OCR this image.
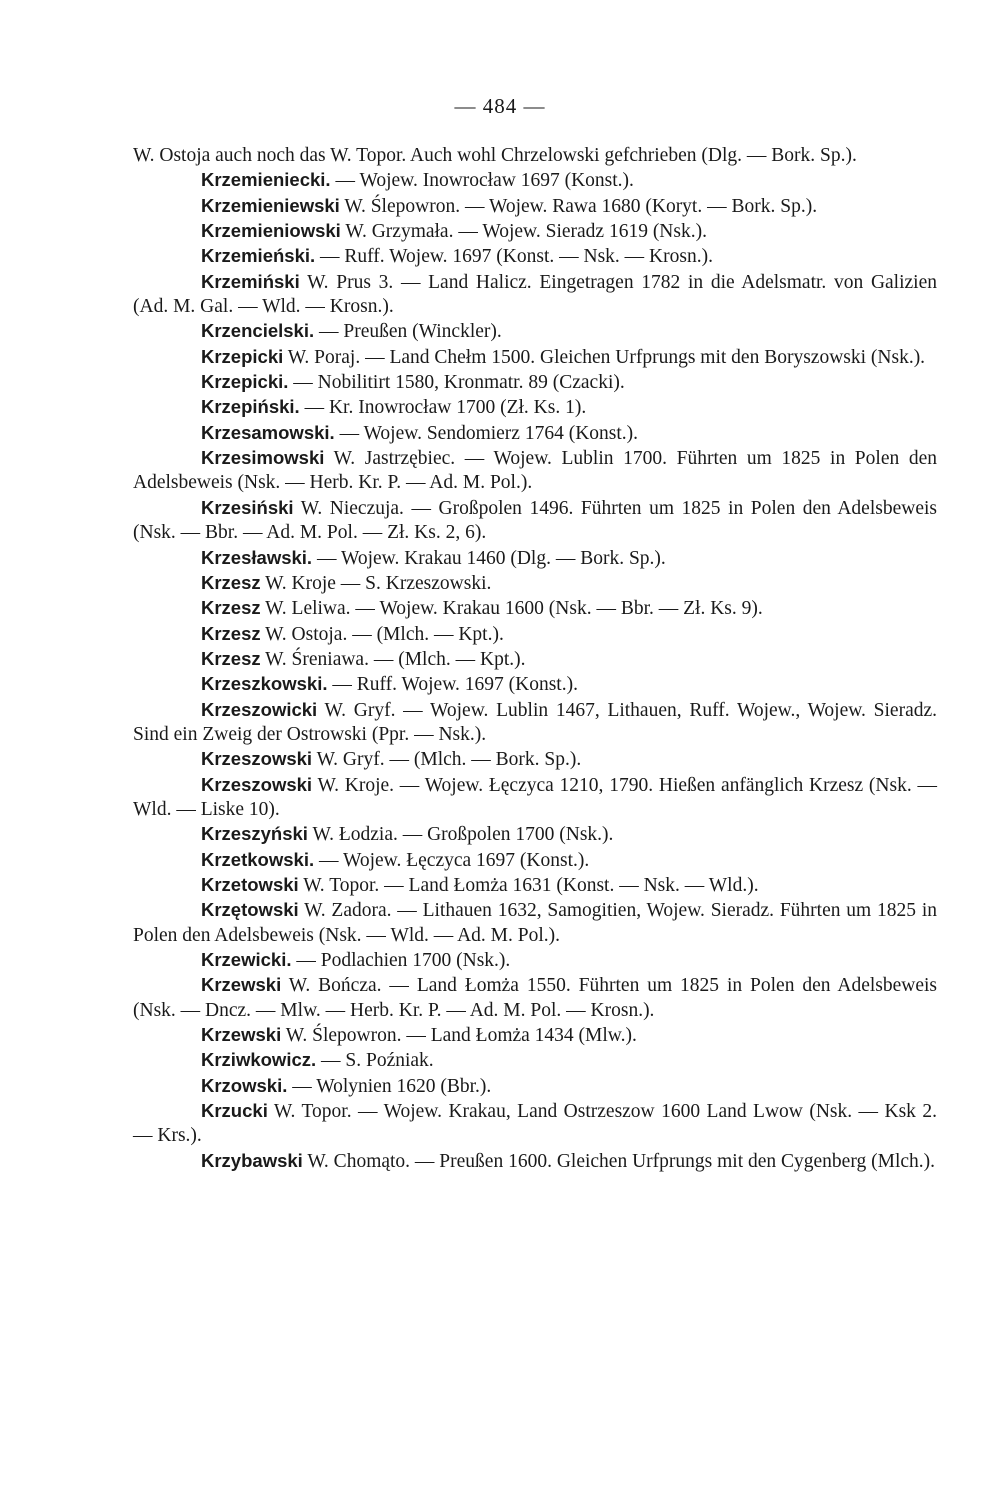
— 484 —

W. Ostoja auch noch das W. Topor. Auch wohl Chrzelowski gefchrieben (Dlg. — Bork. Sp.).

Krzemieniecki. — Wojew. Inowrocław 1697 (Konst.).

Krzemieniewski W. Ślepowron. — Wojew. Rawa 1680 (Koryt. — Bork. Sp.).

Krzemieniowski W. Grzymała. — Wojew. Sieradz 1619 (Nsk.).

Krzemieński. — Ruff. Wojew. 1697 (Konst. — Nsk. — Krosn.).

Krzemiński W. Prus 3. — Land Halicz. Eingetragen 1782 in die Adelsmatr. von Galizien (Ad. M. Gal. — Wld. — Krosn.).

Krzencielski. — Preußen (Winckler).

Krzepicki W. Poraj. — Land Chełm 1500. Gleichen Urfprungs mit den Boryszowski (Nsk.).

Krzepicki. — Nobilitirt 1580, Kronmatr. 89 (Czacki).

Krzepiński. — Kr. Inowrocław 1700 (Zł. Ks. 1).

Krzesamowski. — Wojew. Sendomierz 1764 (Konst.).

Krzesimowski W. Jastrzębiec. — Wojew. Lublin 1700. Führten um 1825 in Polen den Adelsbeweis (Nsk. — Herb. Kr. P. — Ad. M. Pol.).

Krzesiński W. Nieczuja. — Großpolen 1496. Führten um 1825 in Polen den Adelsbeweis (Nsk. — Bbr. — Ad. M. Pol. — Zł. Ks. 2, 6).

Krzesławski. — Wojew. Krakau 1460 (Dlg. — Bork. Sp.).

Krzesz W. Kroje — S. Krzeszowski.

Krzesz W. Leliwa. — Wojew. Krakau 1600 (Nsk. — Bbr. — Zł. Ks. 9).

Krzesz W. Ostoja. — (Mlch. — Kpt.).

Krzesz W. Śreniawa. — (Mlch. — Kpt.).

Krzeszkowski. — Ruff. Wojew. 1697 (Konst.).

Krzeszowicki W. Gryf. — Wojew. Lublin 1467, Lithauen, Ruff. Wojew., Wojew. Sieradz. Sind ein Zweig der Ostrowski (Ppr. — Nsk.).

Krzeszowski W. Gryf. — (Mlch. — Bork. Sp.).

Krzeszowski W. Kroje. — Wojew. Łęczyca 1210, 1790. Hießen anfänglich Krzesz (Nsk. — Wld. — Liske 10).

Krzeszyński W. Łodzia. — Großpolen 1700 (Nsk.).

Krzetkowski. — Wojew. Łęczyca 1697 (Konst.).

Krzetowski W. Topor. — Land Łomża 1631 (Konst. — Nsk. — Wld.).

Krzętowski W. Zadora. — Lithauen 1632, Samogitien, Wojew. Sieradz. Führten um 1825 in Polen den Adelsbeweis (Nsk. — Wld. — Ad. M. Pol.).

Krzewicki. — Podlachien 1700 (Nsk.).

Krzewski W. Bończa. — Land Łomża 1550. Führten um 1825 in Polen den Adelsbeweis (Nsk. — Dncz. — Mlw. — Herb. Kr. P. — Ad. M. Pol. — Krosn.).

Krzewski W. Ślepowron. — Land Łomża 1434 (Mlw.).

Krziwkowicz. — S. Poźniak.

Krzowski. — Wolynien 1620 (Bbr.).

Krzucki W. Topor. — Wojew. Krakau, Land Ostrzeszow 1600 Land Lwow (Nsk. — Ksk 2. — Krs.).

Krzybawski W. Chomąto. — Preußen 1600. Gleichen Urfprungs mit den Cygenberg (Mlch.).
